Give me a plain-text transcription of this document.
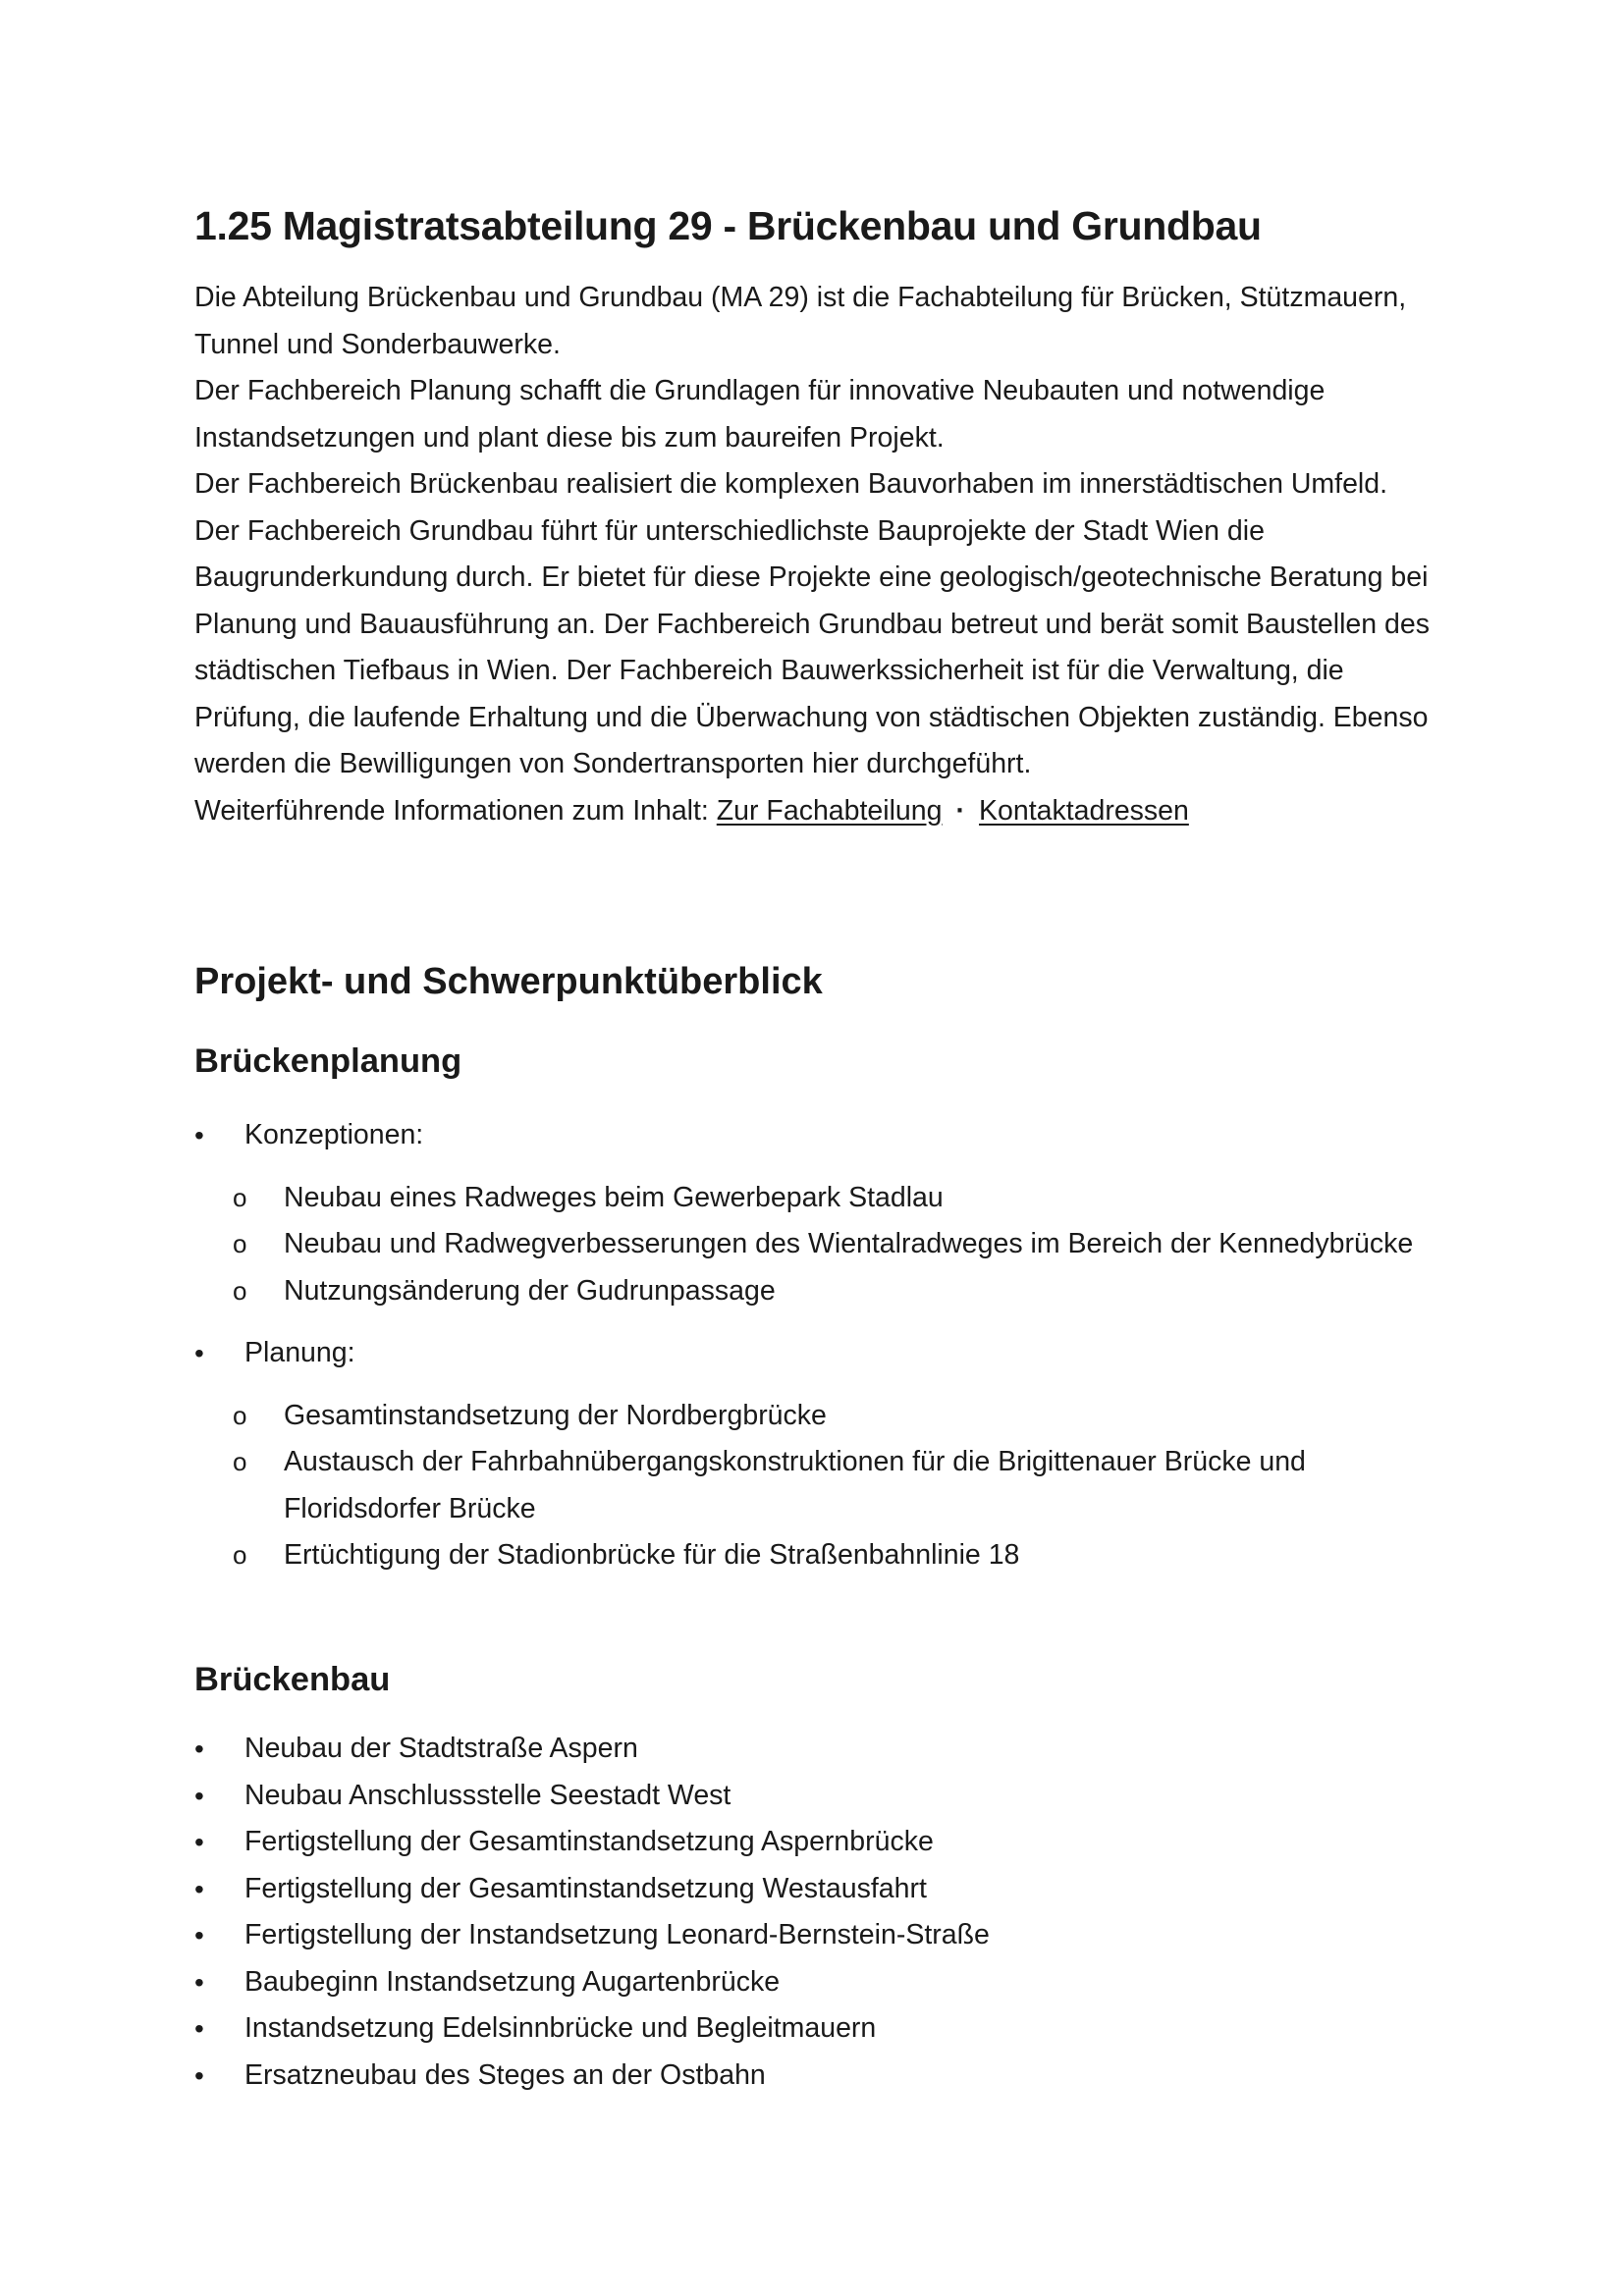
1.25 Magistratsabteilung 29 - Brückenbau und Grundbau

Die Abteilung Brückenbau und Grundbau (MA 29) ist die Fachabteilung für Brücken, Stützmauern, Tunnel und Sonderbauwerke.

Der Fachbereich Planung schafft die Grundlagen für innovative Neubauten und notwendige Instandsetzungen und plant diese bis zum baureifen Projekt.

Der Fachbereich Brückenbau realisiert die komplexen Bauvorhaben im innerstädtischen Umfeld.

Der Fachbereich Grundbau führt für unterschiedlichste Bauprojekte der Stadt Wien die Baugrunderkundung durch. Er bietet für diese Projekte eine geologisch/geotechnische Beratung bei Planung und Bauausführung an. Der Fachbereich Grundbau betreut und berät somit Baustellen des städtischen Tiefbaus in Wien. Der Fachbereich Bauwerkssicherheit ist für die Verwaltung, die Prüfung, die laufende Erhaltung und die Überwachung von städtischen Objekten zuständig. Ebenso werden die Bewilligungen von Sondertransporten hier durchgeführt.

Weiterführende Informationen zum Inhalt: Zur Fachabteilung · Kontaktadressen

Projekt- und Schwerpunktüberblick
Brückenplanung
• Konzeptionen:
o Neubau eines Radweges beim Gewerbepark Stadlau
o Neubau und Radwegverbesserungen des Wientalradweges im Bereich der Kennedybrücke
o Nutzungsänderung der Gudrunpassage
• Planung:
o Gesamtinstandsetzung der Nordbergbrücke
o Austausch der Fahrbahnübergangskonstruktionen für die Brigittenauer Brücke und Floridsdorfer Brücke
o Ertüchtigung der Stadionbrücke für die Straßenbahnlinie 18
Brückenbau
• Neubau der Stadtstraße Aspern
• Neubau Anschlussstelle Seestadt West
• Fertigstellung der Gesamtinstandsetzung Aspernbrücke
• Fertigstellung der Gesamtinstandsetzung Westausfahrt
• Fertigstellung der Instandsetzung Leonard-Bernstein-Straße
• Baubeginn Instandsetzung Augartenbrücke
• Instandsetzung Edelsinnbrücke und Begleitmauern
• Ersatzneubau des Steges an der Ostbahn
